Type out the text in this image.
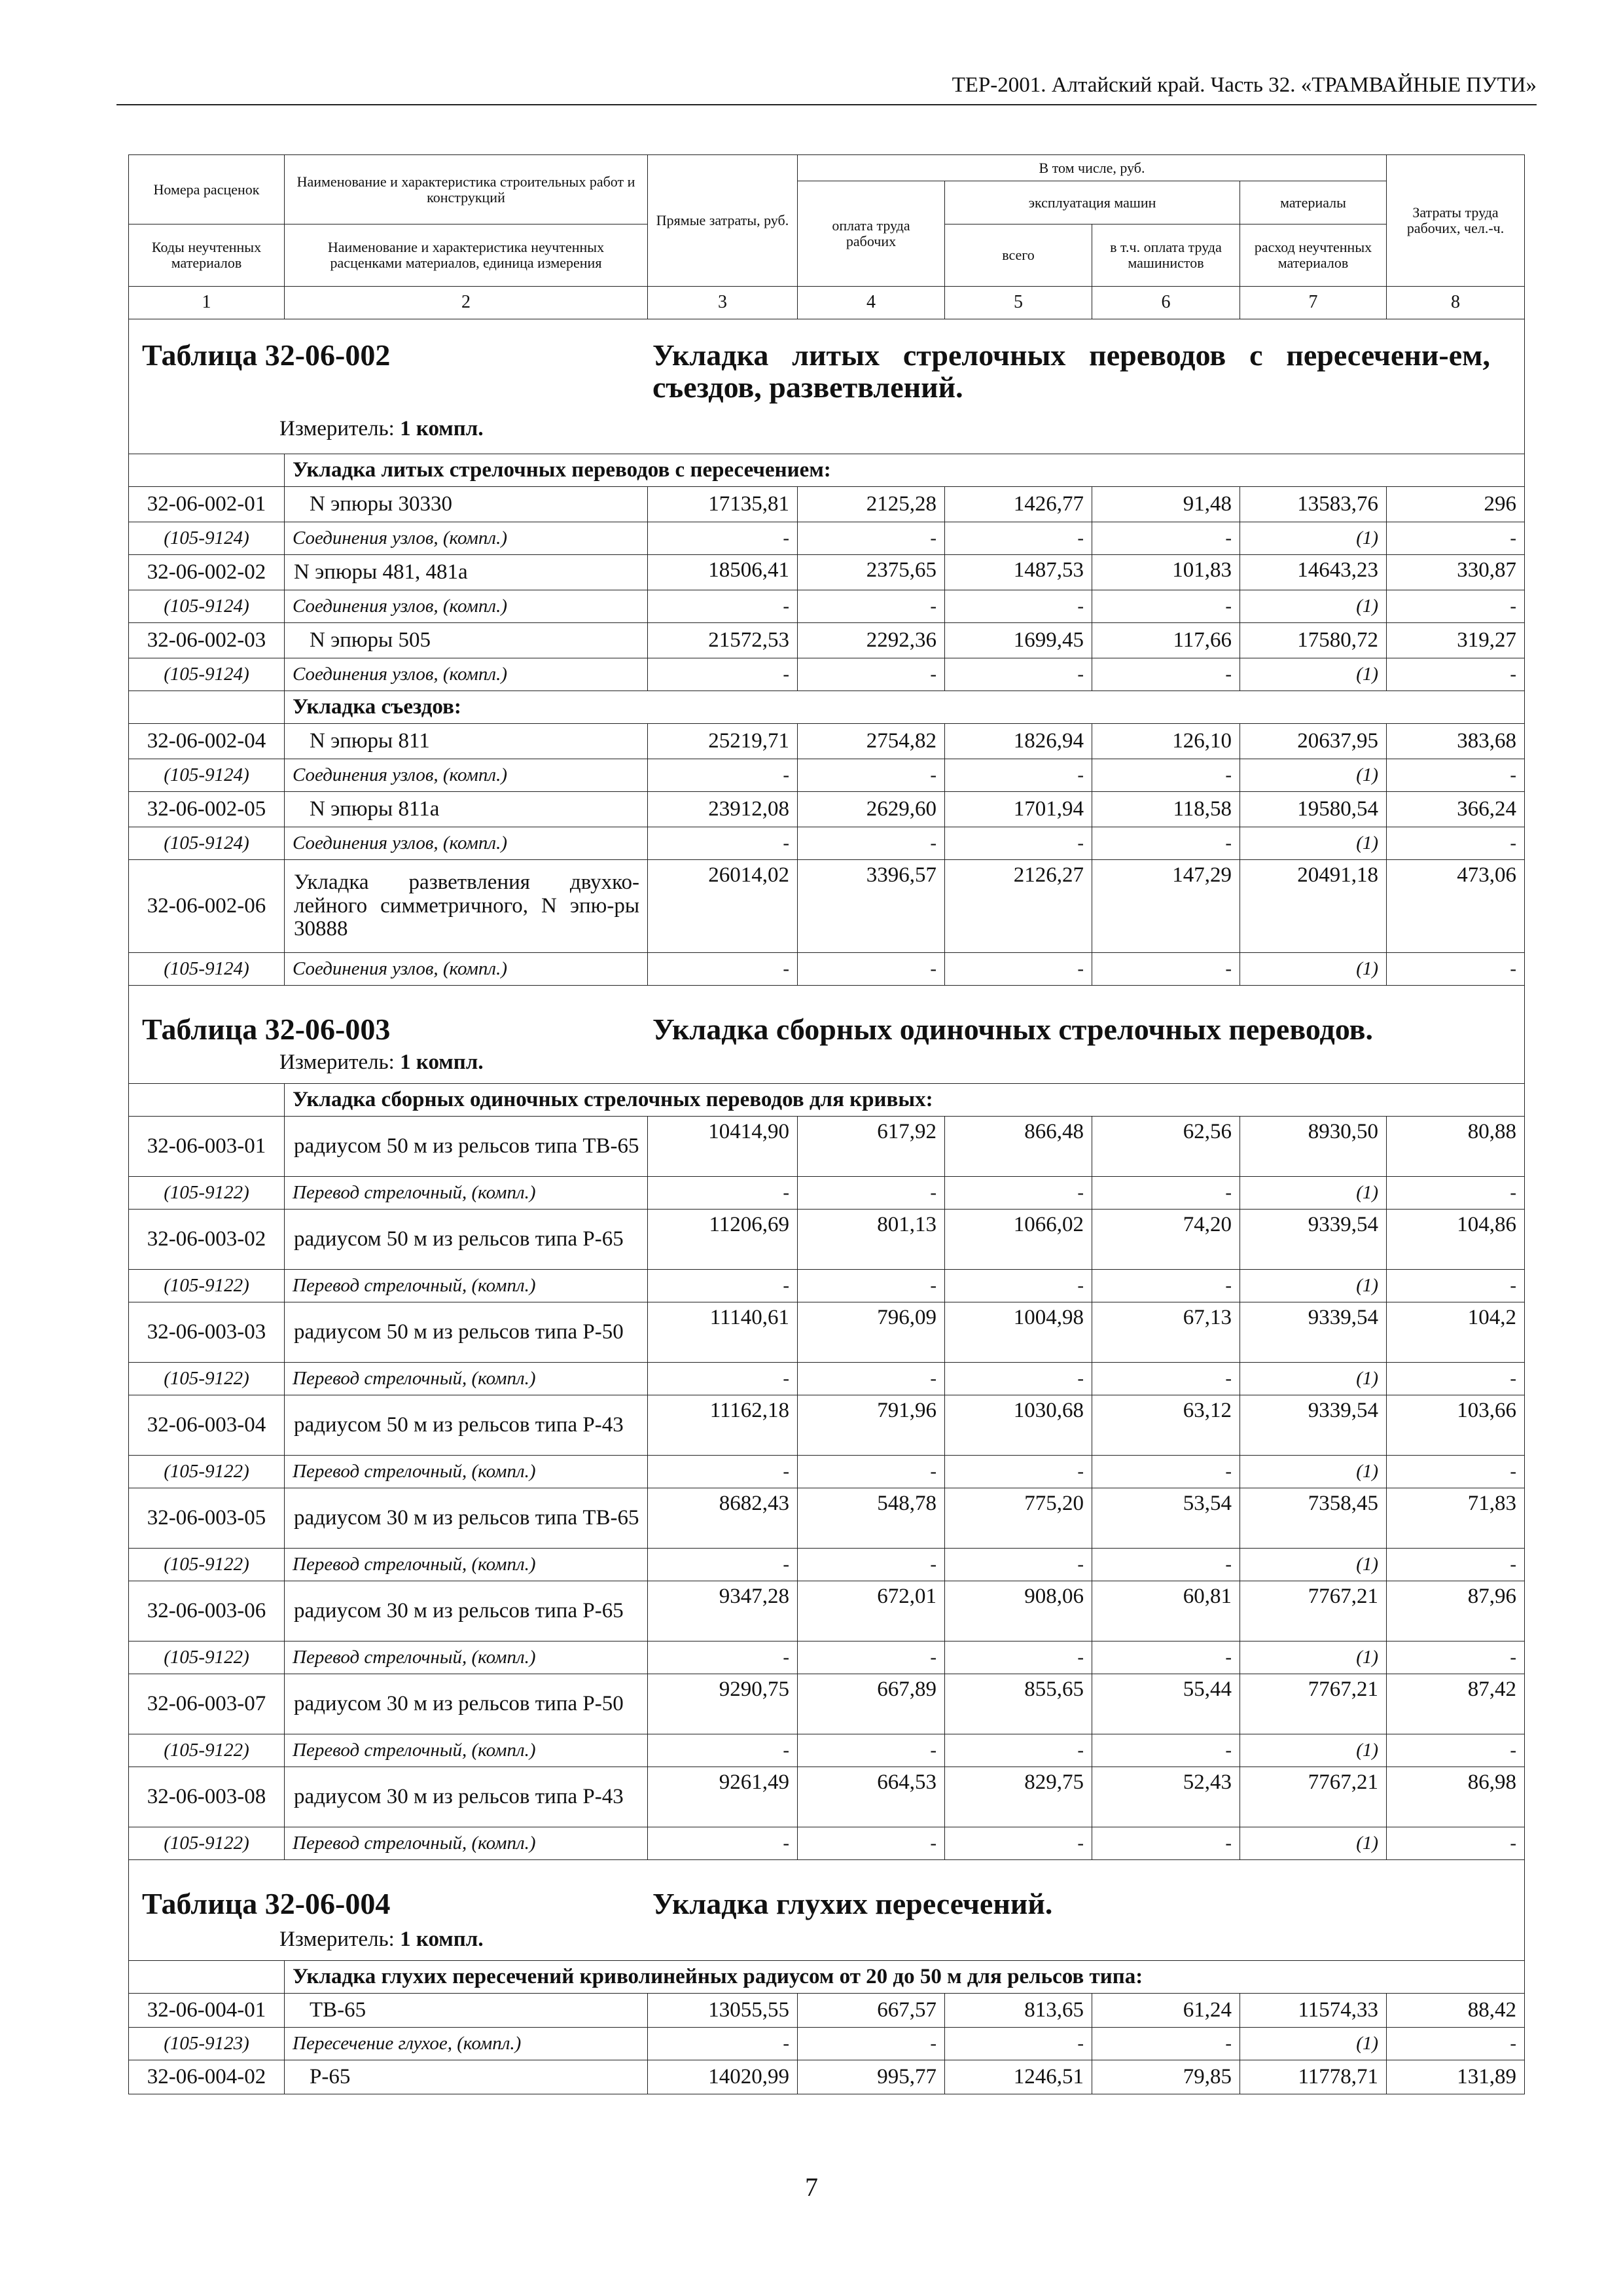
ТЕР-2001. Алтайский край. Часть 32. «ТРАМВАЙНЫЕ ПУТИ»
Номера расценок	Наименование и характеристика строительных работ и конструкций	Прямые затраты, руб.	В том числе, руб.				Затраты труда рабочих, чел.-ч.
			оплата труда рабочих	эксплуатация машин		материалы	
Коды неучтенных материалов	Наименование и характеристика неучтенных расценками материалов, единица измерения			всего	в т.ч. оплата труда машинистов	расход неучтенных материалов	
1	2	3	4	5	6	7	8

Таблица 32-06-002 Укладка литых стрелочных переводов с пересечени-ем, съездов, разветвлений.
Измеритель: 1 компл.							

	Укладка литых стрелочных переводов с пересечением:						
32-06-002-01	N эпюры 30330	17135,81	2125,28	1426,77	91,48	13583,76	296
(105-9124)	Соединения узлов, (компл.)	-	-	-	-	(1)	-
32-06-002-02	N эпюры 481, 481а	18506,41	2375,65	1487,53	101,83	14643,23	330,87
(105-9124)	Соединения узлов, (компл.)	-	-	-	-	(1)	-
32-06-002-03	N эпюры 505	21572,53	2292,36	1699,45	117,66	17580,72	319,27
(105-9124)	Соединения узлов, (компл.)	-	-	-	-	(1)	-
	Укладка съездов:						
32-06-002-04	N эпюры 811	25219,71	2754,82	1826,94	126,10	20637,95	383,68
(105-9124)	Соединения узлов, (компл.)	-	-	-	-	(1)	-
32-06-002-05	N эпюры 811а	23912,08	2629,60	1701,94	118,58	19580,54	366,24
(105-9124)	Соединения узлов, (компл.)	-	-	-	-	(1)	-
32-06-002-06	Укладка разветвления двухко-лейного симметричного, N эпю-ры 30888	26014,02	3396,57	2126,27	147,29	20491,18	473,06
(105-9124)	Соединения узлов, (компл.)	-	-	-	-	(1)	-

Таблица 32-06-003 Укладка сборных одиночных стрелочных переводов.
Измеритель: 1 компл.							

	Укладка сборных одиночных стрелочных переводов для кривых:						
32-06-003-01	радиусом 50 м из рельсов типа ТВ-65	10414,90	617,92	866,48	62,56	8930,50	80,88
(105-9122)	Перевод стрелочный, (компл.)	-	-	-	-	(1)	-
32-06-003-02	радиусом 50 м из рельсов типа Р-65	11206,69	801,13	1066,02	74,20	9339,54	104,86
(105-9122)	Перевод стрелочный, (компл.)	-	-	-	-	(1)	-
32-06-003-03	радиусом 50 м из рельсов типа Р-50	11140,61	796,09	1004,98	67,13	9339,54	104,2
(105-9122)	Перевод стрелочный, (компл.)	-	-	-	-	(1)	-
32-06-003-04	радиусом 50 м из рельсов типа Р-43	11162,18	791,96	1030,68	63,12	9339,54	103,66
(105-9122)	Перевод стрелочный, (компл.)	-	-	-	-	(1)	-
32-06-003-05	радиусом 30 м из рельсов типа ТВ-65	8682,43	548,78	775,20	53,54	7358,45	71,83
(105-9122)	Перевод стрелочный, (компл.)	-	-	-	-	(1)	-
32-06-003-06	радиусом 30 м из рельсов типа Р-65	9347,28	672,01	908,06	60,81	7767,21	87,96
(105-9122)	Перевод стрелочный, (компл.)	-	-	-	-	(1)	-
32-06-003-07	радиусом 30 м из рельсов типа Р-50	9290,75	667,89	855,65	55,44	7767,21	87,42
(105-9122)	Перевод стрелочный, (компл.)	-	-	-	-	(1)	-
32-06-003-08	радиусом 30 м из рельсов типа Р-43	9261,49	664,53	829,75	52,43	7767,21	86,98
(105-9122)	Перевод стрелочный, (компл.)	-	-	-	-	(1)	-

Таблица 32-06-004 Укладка глухих пересечений.
Измеритель: 1 компл.							

	Укладка глухих пересечений криволинейных радиусом от 20 до 50 м для рельсов типа:						
32-06-004-01	ТВ-65	13055,55	667,57	813,65	61,24	11574,33	88,42
(105-9123)	Пересечение глухое, (компл.)	-	-	-	-	(1)	-
32-06-004-02	Р-65	14020,99	995,77	1246,51	79,85	11778,71	131,89
7
